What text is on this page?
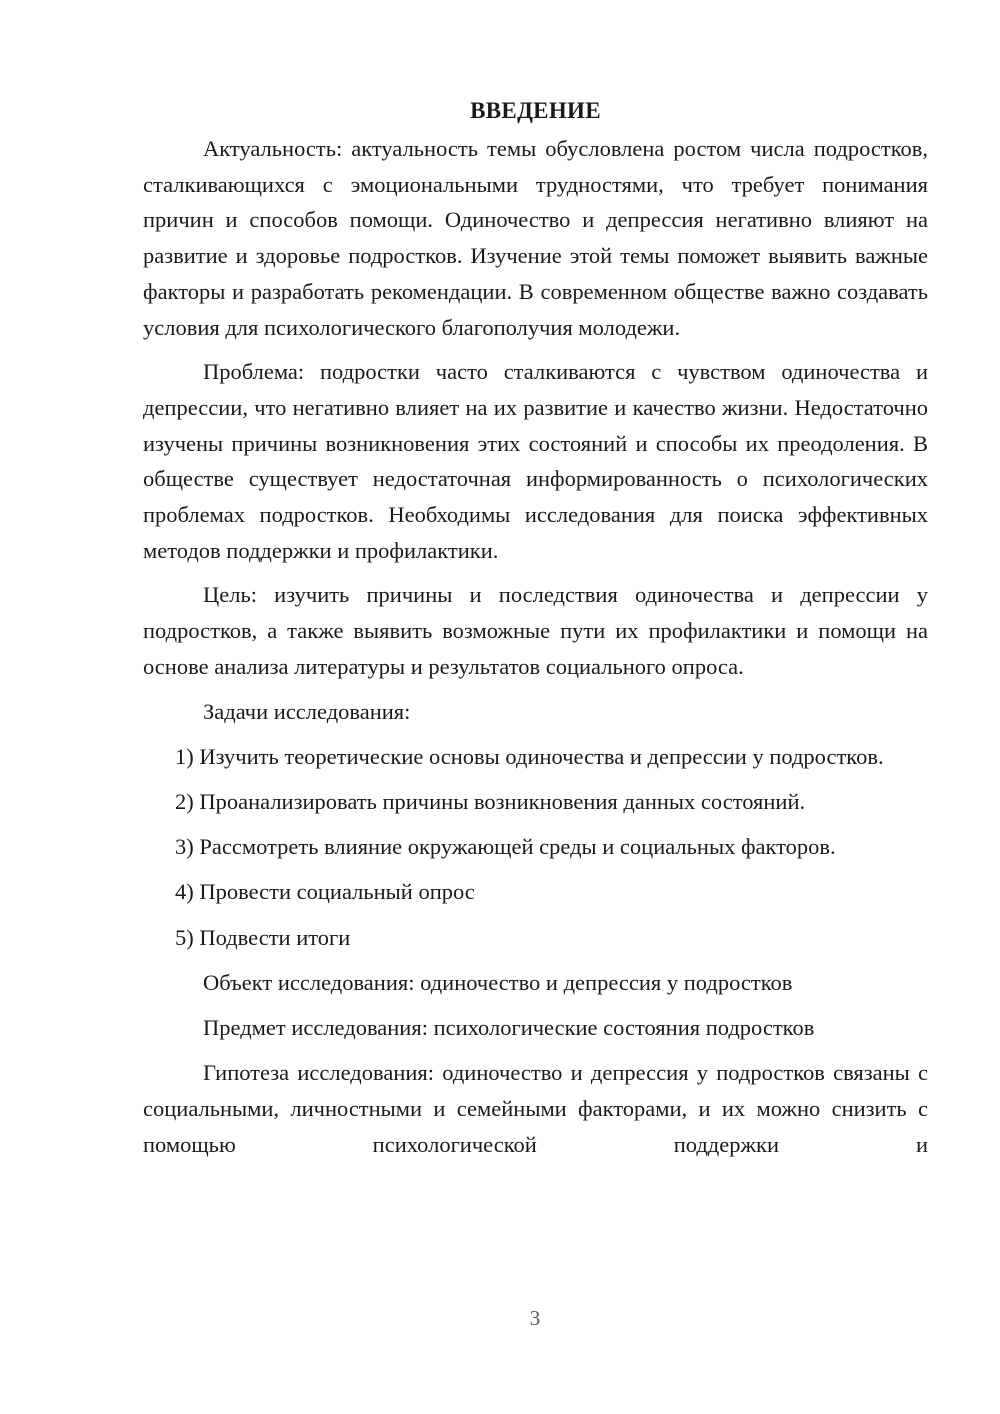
ВВЕДЕНИЕ

Актуальность: актуальность темы обусловлена ростом числа подростков, сталкивающихся с эмоциональными трудностями, что требует понимания причин и способов помощи. Одиночество и депрессия негативно влияют на развитие и здоровье подростков. Изучение этой темы поможет выявить важные факторы и разработать рекомендации. В современном обществе важно создавать условия для психологического благополучия молодежи.

Проблема: подростки часто сталкиваются с чувством одиночества и депрессии, что негативно влияет на их развитие и качество жизни. Недостаточно изучены причины возникновения этих состояний и способы их преодоления. В обществе существует недостаточная информированность о психологических проблемах подростков. Необходимы исследования для поиска эффективных методов поддержки и профилактики.

Цель: изучить причины и последствия одиночества и депрессии у подростков, а также выявить возможные пути их профилактики и помощи на основе анализа литературы и результатов социального опроса.

Задачи исследования:
1) Изучить теоретические основы одиночества и депрессии у подростков.
2) Проанализировать причины возникновения данных состояний.
3) Рассмотреть влияние окружающей среды и социальных факторов.
4) Провести социальный опрос
5) Подвести итоги
Объект исследования: одиночество и депрессия у подростков
Предмет исследования: психологические состояния подростков

Гипотеза исследования: одиночество и депрессия у подростков связаны с социальными, личностными и семейными факторами, и их можно снизить с помощью психологической поддержки и

3
